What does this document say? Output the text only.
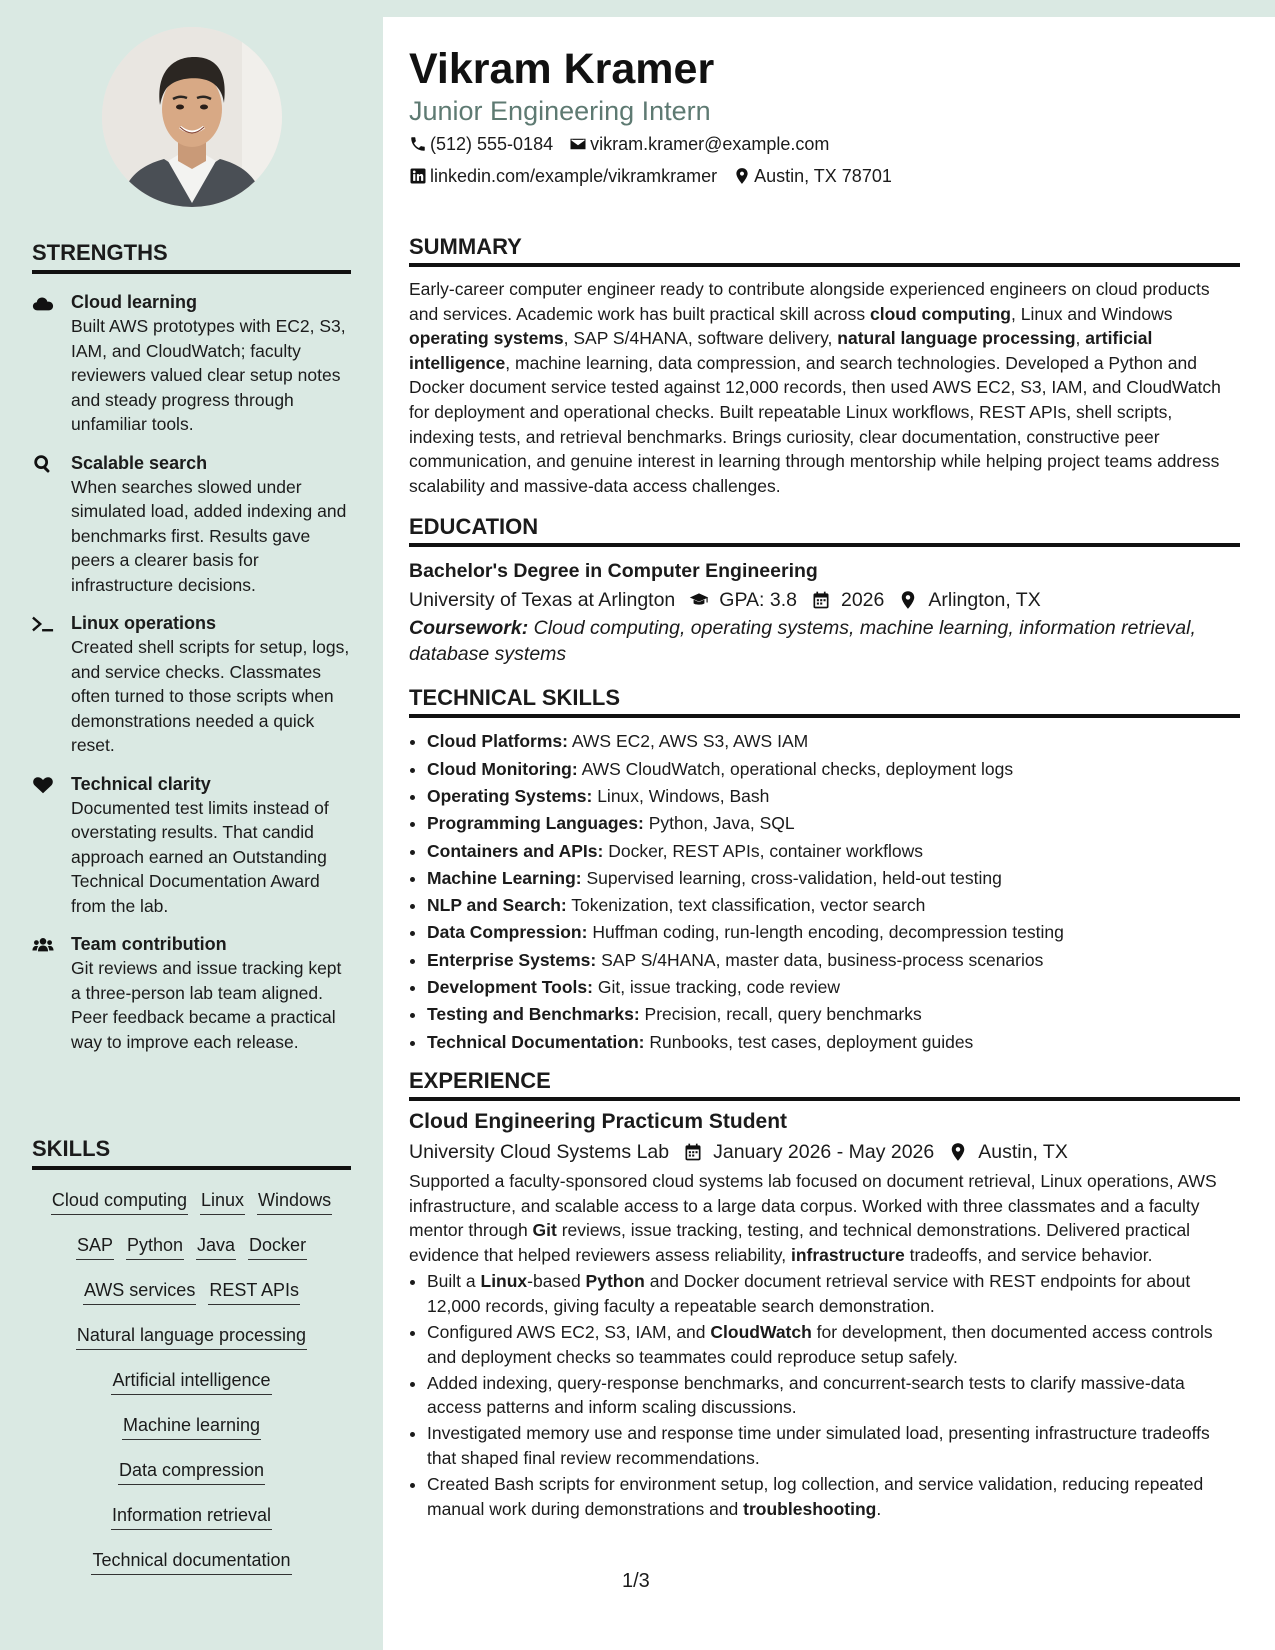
STRENGTHS
Cloud learning
Built AWS prototypes with EC2, S3, IAM, and CloudWatch; faculty reviewers valued clear setup notes and steady progress through unfamiliar tools.
Scalable search
When searches slowed under simulated load, added indexing and benchmarks first. Results gave peers a clearer basis for infrastructure decisions.
Linux operations
Created shell scripts for setup, logs, and service checks. Classmates often turned to those scripts when demonstrations needed a quick reset.
Technical clarity
Documented test limits instead of overstating results. That candid approach earned an Outstanding Technical Documentation Award from the lab.
Team contribution
Git reviews and issue tracking kept a three-person lab team aligned. Peer feedback became a practical way to improve each release.
SKILLS
Cloud computing Linux Windows
SAP Python Java Docker
AWS services REST APIs
Natural language processing
Artificial intelligence
Machine learning
Data compression
Information retrieval
Technical documentation
Vikram Kramer
Junior Engineering Intern
(512) 555-0184 vikram.kramer@example.com
linkedin.com/example/vikramkramer Austin, TX 78701
SUMMARY

Early-career computer engineer ready to contribute alongside experienced engineers on cloud products and services. Academic work has built practical skill across cloud computing, Linux and Windows operating systems, SAP S/4HANA, software delivery, natural language processing, artificial intelligence, machine learning, data compression, and search technologies. Developed a Python and Docker document service tested against 12,000 records, then used AWS EC2, S3, IAM, and CloudWatch for deployment and operational checks. Built repeatable Linux workflows, REST APIs, shell scripts, indexing tests, and retrieval benchmarks. Brings curiosity, clear documentation, constructive peer communication, and genuine interest in learning through mentorship while helping project teams address scalability and massive-data access challenges.

EDUCATION
Bachelor's Degree in Computer Engineering
University of Texas at Arlington GPA: 3.8 2026 Arlington, TX
Coursework: Cloud computing, operating systems, machine learning, information retrieval, database systems
TECHNICAL SKILLS
• Cloud Platforms: AWS EC2, AWS S3, AWS IAM
• Cloud Monitoring: AWS CloudWatch, operational checks, deployment logs
• Operating Systems: Linux, Windows, Bash
• Programming Languages: Python, Java, SQL
• Containers and APIs: Docker, REST APIs, container workflows
• Machine Learning: Supervised learning, cross-validation, held-out testing
• NLP and Search: Tokenization, text classification, vector search
• Data Compression: Huffman coding, run-length encoding, decompression testing
• Enterprise Systems: SAP S/4HANA, master data, business-process scenarios
• Development Tools: Git, issue tracking, code review
• Testing and Benchmarks: Precision, recall, query benchmarks
• Technical Documentation: Runbooks, test cases, deployment guides
EXPERIENCE
Cloud Engineering Practicum Student
University Cloud Systems Lab January 2026 - May 2026 Austin, TX

Supported a faculty-sponsored cloud systems lab focused on document retrieval, Linux operations, AWS infrastructure, and scalable access to a large data corpus. Worked with three classmates and a faculty mentor through Git reviews, issue tracking, testing, and technical demonstrations. Delivered practical evidence that helped reviewers assess reliability, infrastructure tradeoffs, and service behavior.

• Built a Linux-based Python and Docker document retrieval service with REST endpoints for about 12,000 records, giving faculty a repeatable search demonstration.
• Configured AWS EC2, S3, IAM, and CloudWatch for development, then documented access controls and deployment checks so teammates could reproduce setup safely.
• Added indexing, query-response benchmarks, and concurrent-search tests to clarify massive-data access patterns and inform scaling discussions.
• Investigated memory use and response time under simulated load, presenting infrastructure tradeoffs that shaped final review recommendations.
• Created Bash scripts for environment setup, log collection, and service validation, reducing repeated manual work during demonstrations and troubleshooting.
1/3
